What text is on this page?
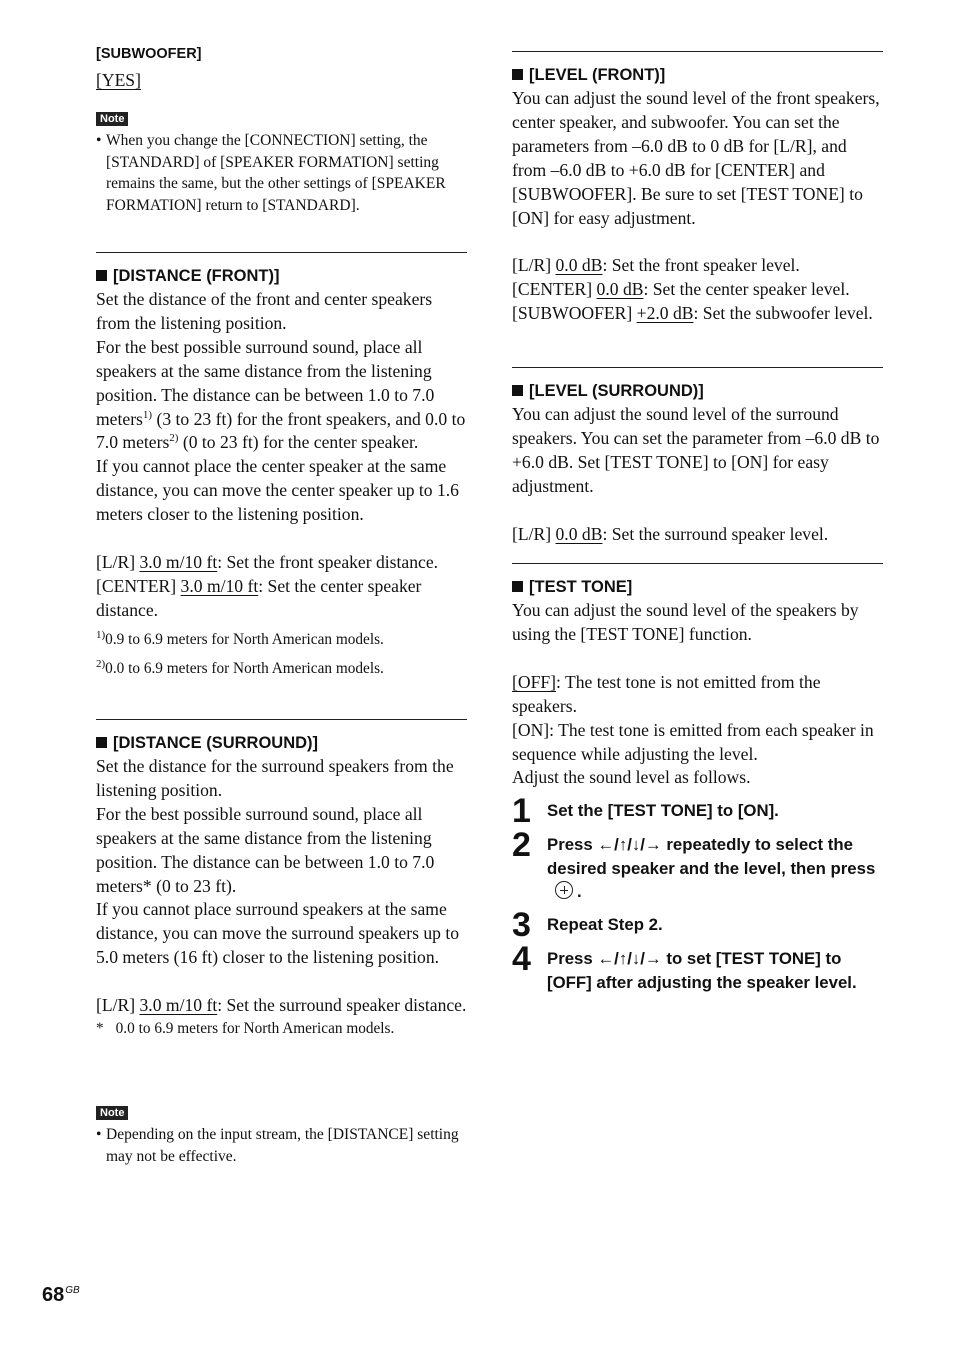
[SUBWOOFER]
[YES]
Note
• When you change the [CONNECTION] setting, the [STANDARD] of [SPEAKER FORMATION] setting remains the same, but the other settings of [SPEAKER FORMATION] return to [STANDARD].
[DISTANCE (FRONT)]
Set the distance of the front and center speakers from the listening position.
For the best possible surround sound, place all speakers at the same distance from the listening position. The distance can be between 1.0 to 7.0 meters$^{1)}$ (3 to 23 ft) for the front speakers, and 0.0 to 7.0 meters$^{2)}$ (0 to 23 ft) for the center speaker.
If you cannot place the center speaker at the same distance, you can move the center speaker up to 1.6 meters closer to the listening position.
[L/R] 3.0 m/10 ft: Set the front speaker distance.
[CENTER] 3.0 m/10 ft: Set the center speaker distance.
$^{1)}$0.9 to 6.9 meters for North American models.
$^{2)}$0.0 to 6.9 meters for North American models.
[DISTANCE (SURROUND)]
Set the distance for the surround speakers from the listening position.
For the best possible surround sound, place all speakers at the same distance from the listening position. The distance can be between 1.0 to 7.0 meters* (0 to 23 ft).
If you cannot place surround speakers at the same distance, you can move the surround speakers up to 5.0 meters (16 ft) closer to the listening position.
[L/R] 3.0 m/10 ft: Set the surround speaker distance.
* 0.0 to 6.9 meters for North American models.
Note
• Depending on the input stream, the [DISTANCE] setting may not be effective.
[LEVEL (FRONT)]
You can adjust the sound level of the front speakers, center speaker, and subwoofer. You can set the parameters from –6.0 dB to 0 dB for [L/R], and from –6.0 dB to +6.0 dB for [CENTER] and [SUBWOOFER]. Be sure to set [TEST TONE] to [ON] for easy adjustment.
[L/R] 0.0 dB: Set the front speaker level.
[CENTER] 0.0 dB: Set the center speaker level.
[SUBWOOFER] +2.0 dB: Set the subwoofer level.
[LEVEL (SURROUND)]
You can adjust the sound level of the surround speakers. You can set the parameter from –6.0 dB to +6.0 dB. Set [TEST TONE] to [ON] for easy adjustment.
[L/R] 0.0 dB: Set the surround speaker level.
[TEST TONE]
You can adjust the sound level of the speakers by using the [TEST TONE] function.
[OFF]: The test tone is not emitted from the speakers.
[ON]: The test tone is emitted from each speaker in sequence while adjusting the level.
Adjust the sound level as follows.
1 Set the [TEST TONE] to [ON].
2 Press ←/↑/↓/→ repeatedly to select the desired speaker and the level, then press.
3 Repeat Step 2.
4 Press ←/↑/↓/→ to set [TEST TONE] to [OFF] after adjusting the speaker level.
$68^{GB}$
